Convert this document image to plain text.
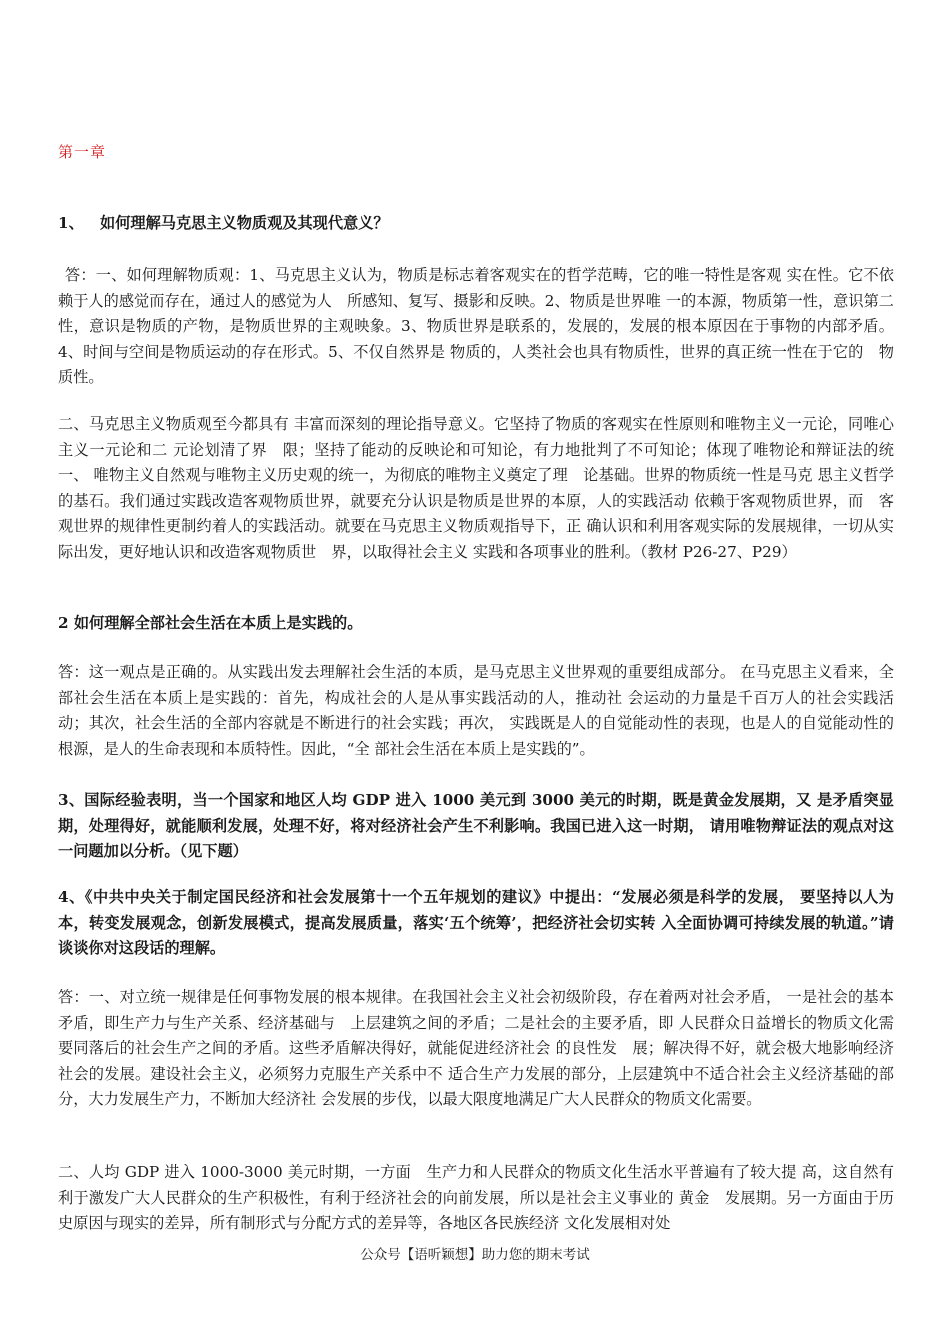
第一章
1、 如何理解马克思主义物质观及其现代意义？
答：一、如何理解物质观：1、马克思主义认为，物质是标志着客观实在的哲学范畴，它的唯一特性是客观 实在性。它不依赖于人的感觉而存在，通过人的感觉为人　所感知、复写、摄影和反映。2、物质是世界唯 一的本源，物质第一性，意识第二性，意识是物质的产物，是物质世界的主观映象。3、物质世界是联系的，发展的，发展的根本原因在于事物的内部矛盾。4、时间与空间是物质运动的存在形式。5、不仅自然界是 物质的，人类社会也具有物质性，世界的真正统一性在于它的　物质性。
二、马克思主义物质观至今都具有 丰富而深刻的理论指导意义。它坚持了物质的客观实在性原则和唯物主义一元论，同唯心主义一元论和二 元论划清了界　限；坚持了能动的反映论和可知论，有力地批判了不可知论；体现了唯物论和辩证法的统一、 唯物主义自然观与唯物主义历史观的统一，为彻底的唯物主义奠定了理　论基础。世界的物质统一性是马克 思主义哲学的基石。我们通过实践改造客观物质世界，就要充分认识是物质是世界的本原，人的实践活动 依赖于客观物质世界，而　客观世界的规律性更制约着人的实践活动。就要在马克思主义物质观指导下，正 确认识和利用客观实际的发展规律，一切从实际出发，更好地认识和改造客观物质世　界，以取得社会主义 实践和各项事业的胜利。（教材 P26-27、P29）
2 如何理解全部社会生活在本质上是实践的。
答：这一观点是正确的。从实践出发去理解社会生活的本质，是马克思主义世界观的重要组成部分。 在马克思主义看来，全部社会生活在本质上是实践的：首先，构成社会的人是从事实践活动的人，推动社 会运动的力量是千百万人的社会实践活动；其次，社会生活的全部内容就是不断进行的社会实践；再次， 实践既是人的自觉能动性的表现，也是人的自觉能动性的根源，是人的生命表现和本质特性。因此，“全 部社会生活在本质上是实践的”。
3、国际经验表明，当一个国家和地区人均 GDP 进入 1000 美元到 3000 美元的时期，既是黄金发展期，又 是矛盾突显期，处理得好，就能顺利发展，处理不好，将对经济社会产生不利影响。我国已进入这一时期， 请用唯物辩证法的观点对这一问题加以分析。（见下题）
4、《中共中央关于制定国民经济和社会发展第十一个五年规划的建议》中提出：“发展必须是科学的发展， 要坚持以人为本，转变发展观念，创新发展模式，提高发展质量，落实‘五个统筹’，把经济社会切实转 入全面协调可持续发展的轨道。”请谈谈你对这段话的理解。
答：一、对立统一规律是任何事物发展的根本规律。在我国社会主义社会初级阶段，存在着两对社会矛盾， 一是社会的基本矛盾，即生产力与生产关系、经济基础与　上层建筑之间的矛盾；二是社会的主要矛盾，即 人民群众日益增长的物质文化需要同落后的社会生产之间的矛盾。这些矛盾解决得好，就能促进经济社会 的良性发　展；解决得不好，就会极大地影响经济社会的发展。建设社会主义，必须努力克服生产关系中不 适合生产力发展的部分，上层建筑中不适合社会主义经济基础的部　分，大力发展生产力，不断加大经济社 会发展的步伐，以最大限度地满足广大人民群众的物质文化需要。
二、人均 GDP 进入 1000-3000 美元时期，一方面　生产力和人民群众的物质文化生活水平普遍有了较大提 高，这自然有利于激发广大人民群众的生产积极性，有利于经济社会的向前发展，所以是社会主义事业的 黄金　发展期。另一方面由于历史原因与现实的差异，所有制形式与分配方式的差异等，各地区各民族经济 文化发展相对处
公众号【语听颖想】助力您的期末考试
